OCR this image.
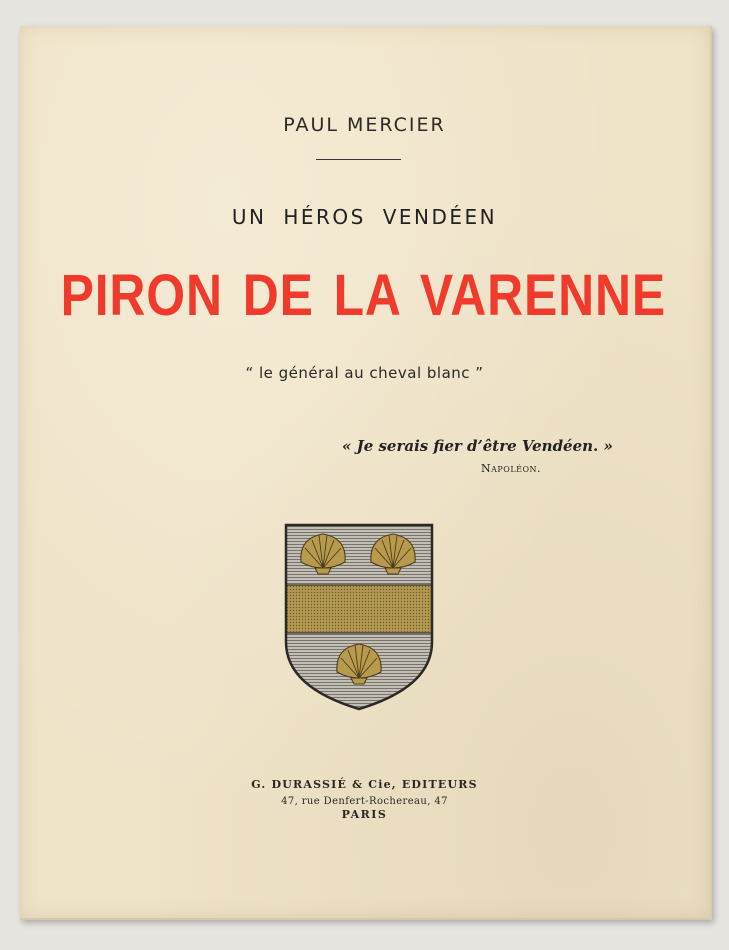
PAUL MERCIER
UN HÉROS VENDÉEN
PIRON DE LA VARENNE
“ le général au cheval blanc ”
« Je serais fier d’être Vendéen. »
Napoléon.
G. DURASSIÉ & Cie, EDITEURS
47, rue Denfert-Rochereau, 47
PARIS
